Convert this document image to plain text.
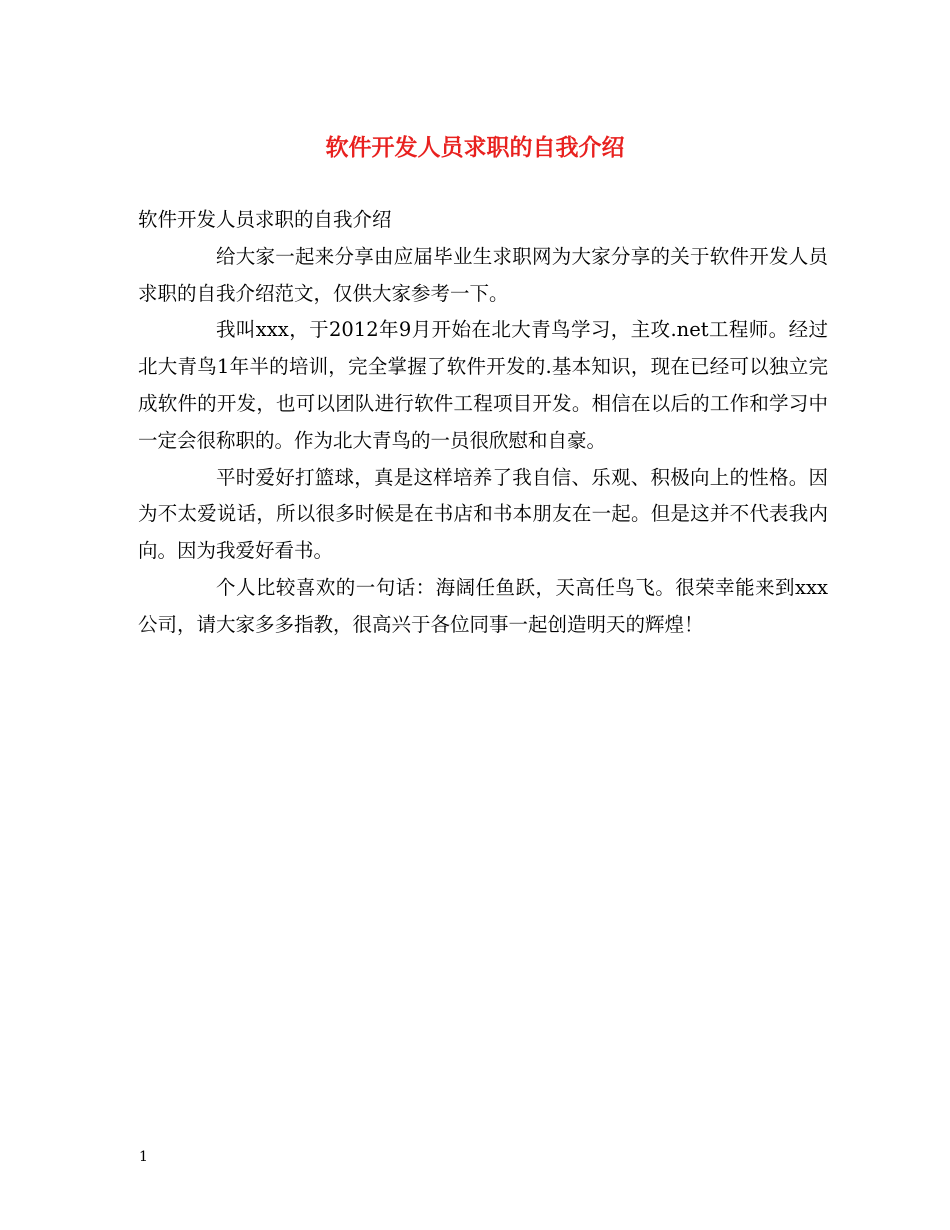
软件开发人员求职的自我介绍

软件开发人员求职的自我介绍

给大家一起来分享由应届毕业生求职网为大家分享的关于软件开发人员求职的自我介绍范文，仅供大家参考一下。

我叫xxx，于2012年9月开始在北大青鸟学习，主攻.net工程师。经过北大青鸟1年半的培训，完全掌握了软件开发的.基本知识，现在已经可以独立完成软件的开发，也可以团队进行软件工程项目开发。相信在以后的工作和学习中一定会很称职的。作为北大青鸟的一员很欣慰和自豪。

平时爱好打篮球，真是这样培养了我自信、乐观、积极向上的性格。因为不太爱说话，所以很多时候是在书店和书本朋友在一起。但是这并不代表我内向。因为我爱好看书。

个人比较喜欢的一句话：海阔任鱼跃，天高任鸟飞。很荣幸能来到xxx公司，请大家多多指教，很高兴于各位同事一起创造明天的辉煌！

1
